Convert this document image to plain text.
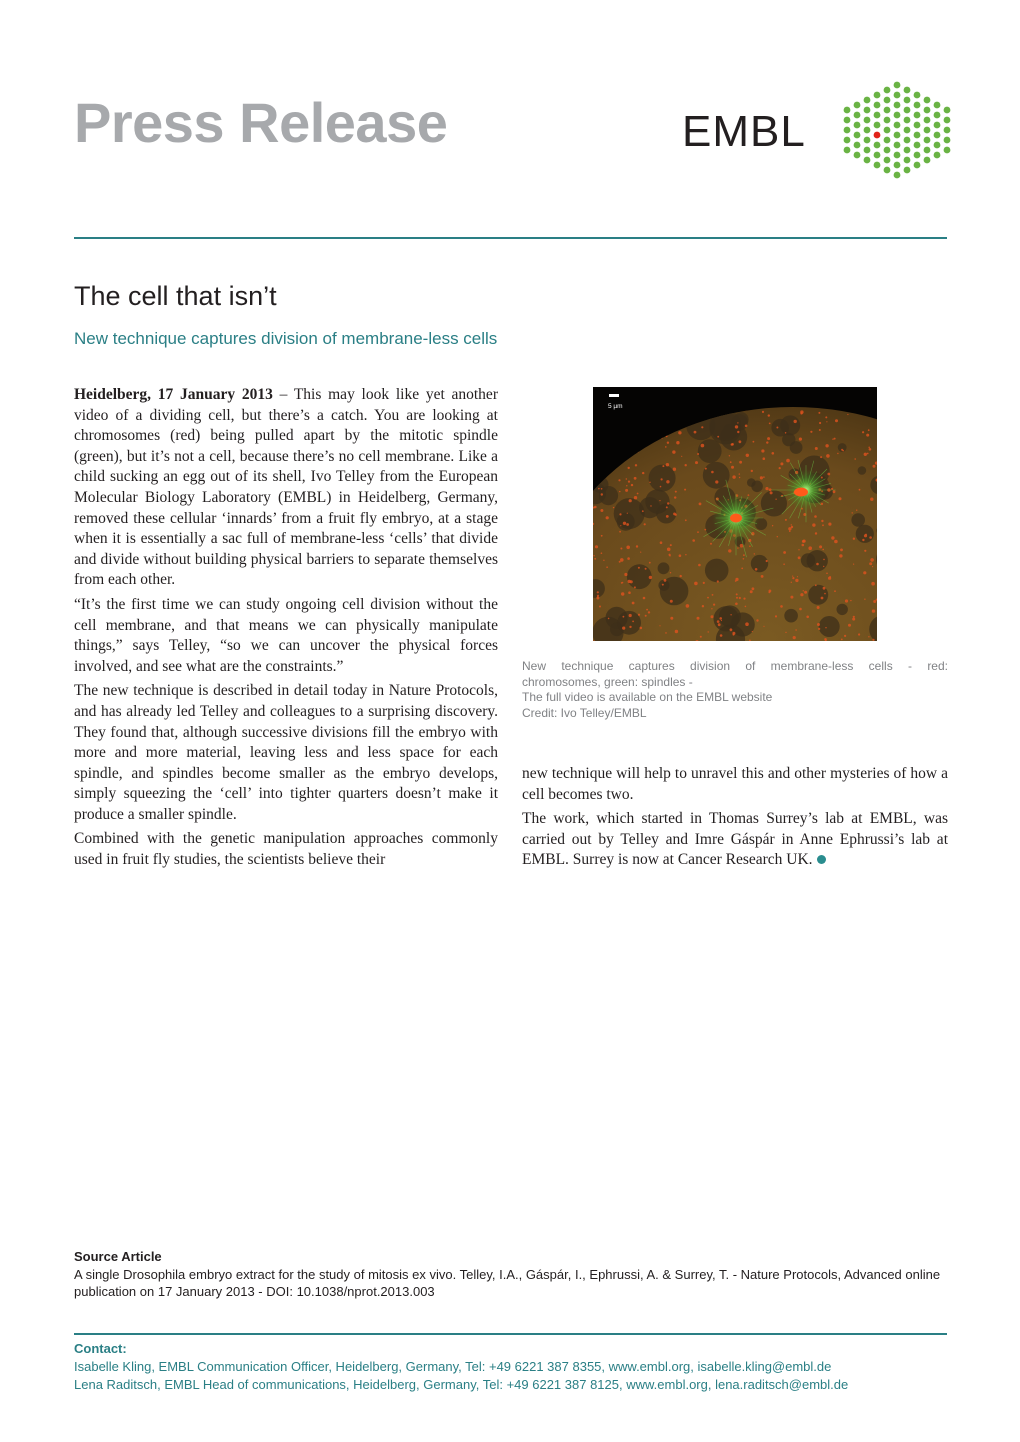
Press Release	EMBL
The cell that isn’t
New technique captures division of membrane-less cells

Heidelberg, 17 January 2013 – This may look like yet another video of a dividing cell, but there’s a catch. You are looking at chromosomes (red) being pulled apart by the mitotic spindle (green), but it’s not a cell, because there’s no cell membrane. Like a child sucking an egg out of its shell, Ivo Telley from the European Molecular Biology Laboratory (EMBL) in Heidelberg, Germany, removed these cellular ‘innards’ from a fruit fly embryo, at a stage when it is essentially a sac full of membrane-less ‘cells’ that divide and divide without building physical barriers to separate themselves from each other.

“It’s the first time we can study ongoing cell division without the cell membrane, and that means we can physically manipulate things,” says Telley, “so we can uncover the physical forces involved, and see what are the constraints.”

The new technique is described in detail today in Nature Protocols, and has already led Telley and colleagues to a surprising discovery. They found that, although successive divisions fill the embryo with more and more material, leaving less and less space for each spindle, and spindles become smaller as the embryo develops, simply squeezing the ‘cell’ into tighter quarters doesn’t make it produce a smaller spindle.

Combined with the genetic manipulation approaches commonly used in fruit fly studies, the scientists believe their

5 µm
New technique captures division of membrane-less cells - red:
chromosomes, green: spindles -
The full video is available on the EMBL website
Credit: Ivo Telley/EMBL

new technique will help to unravel this and other mysteries of how a cell becomes two.

The work, which started in Thomas Surrey’s lab at EMBL, was carried out by Telley and Imre Gáspár in Anne Ephrussi’s lab at EMBL. Surrey is now at Cancer Research UK.

Source Article
A single Drosophila embryo extract for the study of mitosis ex vivo. Telley, I.A., Gáspár, I., Ephrussi, A. & Surrey, T. - Nature Protocols, Advanced online publication on 17 January 2013 - DOI: 10.1038/nprot.2013.003
Contact:
Isabelle Kling, EMBL Communication Officer, Heidelberg, Germany, Tel: +49 6221 387 8355, www.embl.org, isabelle.kling@embl.de
Lena Raditsch, EMBL Head of communications, Heidelberg, Germany, Tel: +49 6221 387 8125, www.embl.org, lena.raditsch@embl.de
